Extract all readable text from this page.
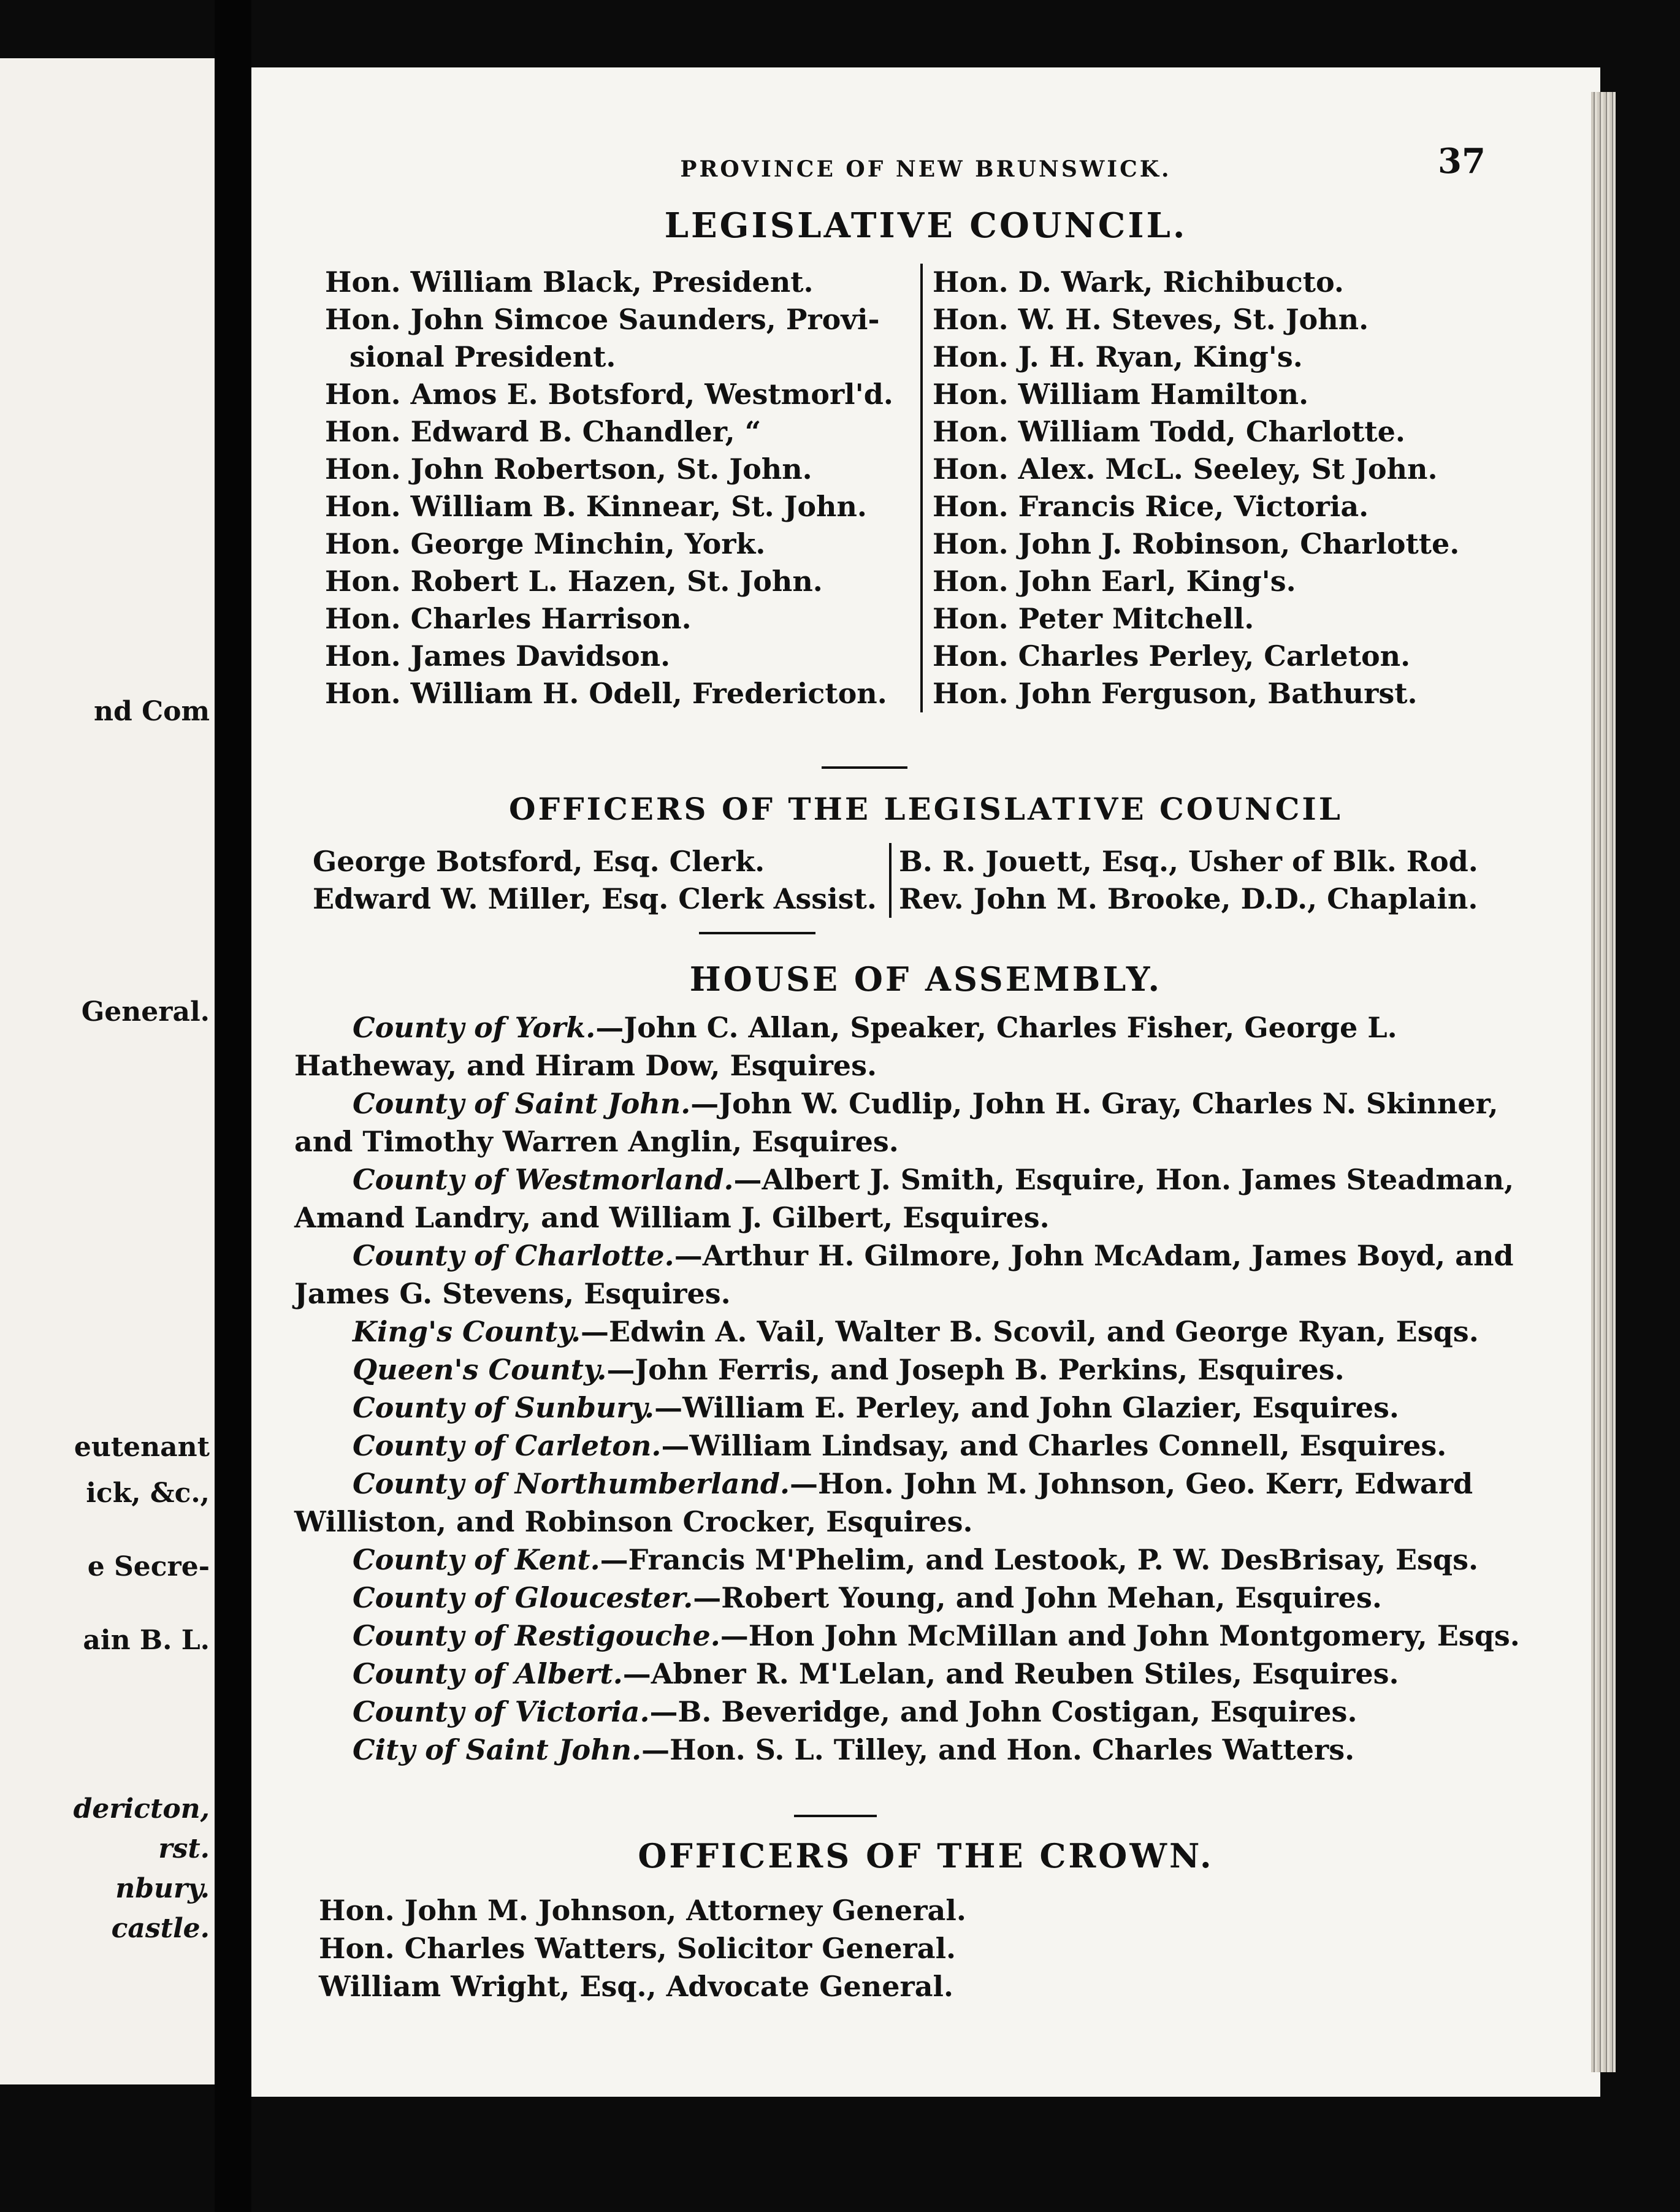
nd Com
General.
eutenant
ick, &c.,
e Secre-
ain B. L.
dericton,
rst.
nbury.
castle.
PROVINCE OF NEW BRUNSWICK.	37
LEGISLATIVE COUNCIL.
Hon. William Black, President.
Hon. John Simcoe Saunders, Provi-
sional President.
Hon. Amos E. Botsford, Westmorl'd.
Hon. Edward B. Chandler, “
Hon. John Robertson, St. John.
Hon. William B. Kinnear, St. John.
Hon. George Minchin, York.
Hon. Robert L. Hazen, St. John.
Hon. Charles Harrison.
Hon. James Davidson.
Hon. William H. Odell, Fredericton.
Hon. D. Wark, Richibucto.
Hon. W. H. Steves, St. John.
Hon. J. H. Ryan, King's.
Hon. William Hamilton.
Hon. William Todd, Charlotte.
Hon. Alex. McL. Seeley, St John.
Hon. Francis Rice, Victoria.
Hon. John J. Robinson, Charlotte.
Hon. John Earl, King's.
Hon. Peter Mitchell.
Hon. Charles Perley, Carleton.
Hon. John Ferguson, Bathurst.
OFFICERS OF THE LEGISLATIVE COUNCIL
George Botsford, Esq. Clerk.
Edward W. Miller, Esq. Clerk Assist.
B. R. Jouett, Esq., Usher of Blk. Rod.
Rev. John M. Brooke, D.D., Chaplain.
HOUSE OF ASSEMBLY.
County of York.—John C. Allan, Speaker, Charles Fisher, George L. Hatheway, and Hiram Dow, Esquires.
County of Saint John.—John W. Cudlip, John H. Gray, Charles N. Skinner, and Timothy Warren Anglin, Esquires.
County of Westmorland.—Albert J. Smith, Esquire, Hon. James Steadman, Amand Landry, and William J. Gilbert, Esquires.
County of Charlotte.—Arthur H. Gilmore, John McAdam, James Boyd, and James G. Stevens, Esquires.
King's County.—Edwin A. Vail, Walter B. Scovil, and George Ryan, Esqs.
Queen's County.—John Ferris, and Joseph B. Perkins, Esquires.
County of Sunbury.—William E. Perley, and John Glazier, Esquires.
County of Carleton.—William Lindsay, and Charles Connell, Esquires.
County of Northumberland.—Hon. John M. Johnson, Geo. Kerr, Edward Williston, and Robinson Crocker, Esquires.
County of Kent.—Francis M'Phelim, and Lestook, P. W. DesBrisay, Esqs.
County of Gloucester.—Robert Young, and John Mehan, Esquires.
County of Restigouche.—Hon John McMillan and John Montgomery, Esqs.
County of Albert.—Abner R. M'Lelan, and Reuben Stiles, Esquires.
County of Victoria.—B. Beveridge, and John Costigan, Esquires.
City of Saint John.—Hon. S. L. Tilley, and Hon. Charles Watters.
OFFICERS OF THE CROWN.
Hon. John M. Johnson, Attorney General.
Hon. Charles Watters, Solicitor General.
William Wright, Esq., Advocate General.
